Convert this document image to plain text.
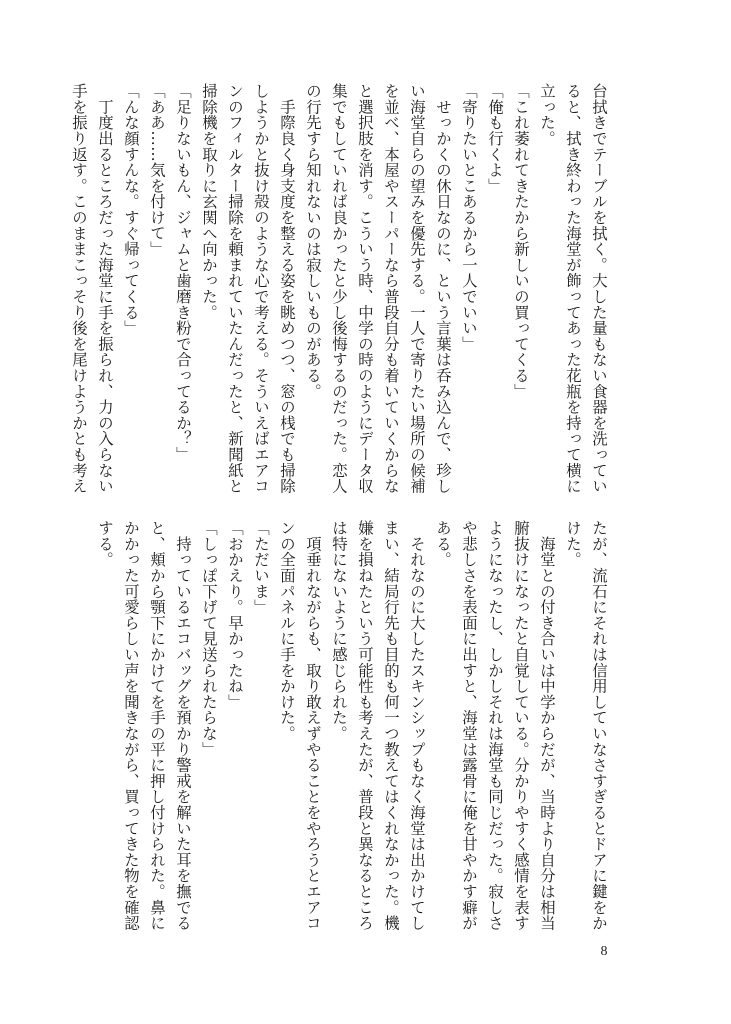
台拭きでテーブルを拭く。大した量もない食器を洗ってい

ると、拭き終わった海堂が飾ってあった花瓶を持って横に

立った。

「これ萎れてきたから新しいの買ってくる」

「俺も行くよ」

「寄りたいとこあるから一人でいい」

　せっかくの休日なのに、という言葉は呑み込んで、珍し

い海堂自らの望みを優先する。一人で寄りたい場所の候補

を並べ、本屋やスーパーなら普段自分も着いていくからな

と選択肢を消す。こういう時、中学の時のようにデータ収

集でもしていれば良かったと少し後悔するのだった。恋人

の行先すら知れないのは寂しいものがある。

　手際良く身支度を整える姿を眺めつつ、窓の桟でも掃除

しようかと抜け殻のような心で考える。そういえばエアコ

ンのフィルター掃除を頼まれていたんだったと、新聞紙と

掃除機を取りに玄関へ向かった。

「足りないもん、ジャムと歯磨き粉で合ってるか？」

「ああ……気を付けて」

「んな顔すんな。すぐ帰ってくる」

　丁度出るところだった海堂に手を振られ、力の入らない

手を振り返す。このままこっそり後を尾けようかとも考え

たが、流石にそれは信用していなさすぎるとドアに鍵をか

けた。

　海堂との付き合いは中学からだが、当時より自分は相当

腑抜けになったと自覚している。分かりやすく感情を表す

ようになったし、しかしそれは海堂も同じだった。寂しさ

や悲しさを表面に出すと、海堂は露骨に俺を甘やかす癖が

ある。

　それなのに大したスキンシップもなく海堂は出かけてし

まい、結局行先も目的も何一つ教えてはくれなかった。機

嫌を損ねたという可能性も考えたが、普段と異なるところ

は特にないように感じられた。

　項垂れながらも、取り敢えずやることをやろうとエアコ

ンの全面パネルに手をかけた。

「ただいま」

「おかえり。早かったね」

「しっぽ下げて見送られたらな」

　持っているエコバッグを預かり警戒を解いた耳を撫でる

と、頬から顎下にかけてを手の平に押し付けられた。鼻に

かかった可愛らしい声を聞きながら、買ってきた物を確認

する。

8
